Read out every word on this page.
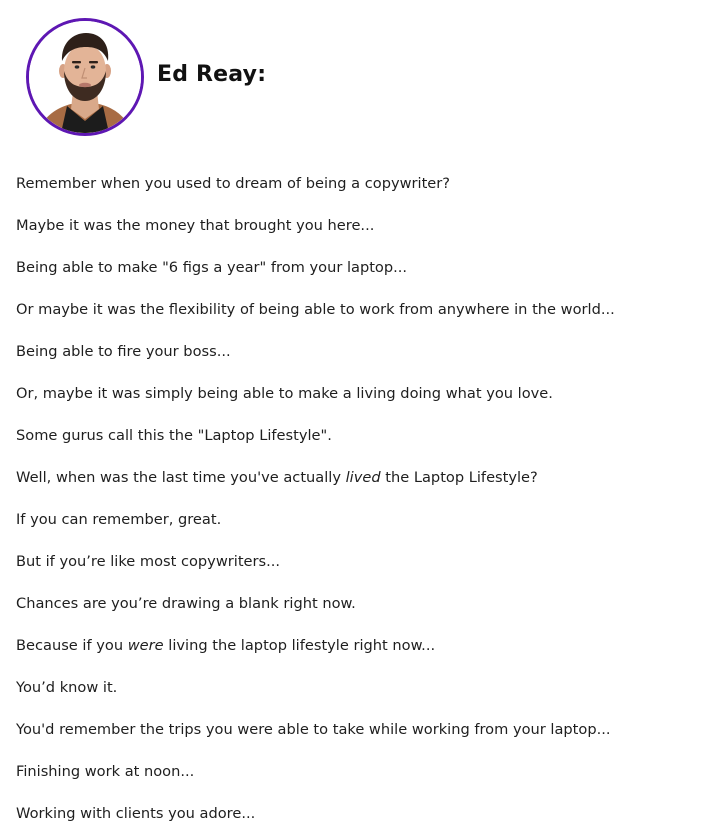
Ed Reay:
Remember when you used to dream of being a copywriter?
Maybe it was the money that brought you here...
Being able to make "6 figs a year" from your laptop...
Or maybe it was the flexibility of being able to work from anywhere in the world...
Being able to fire your boss...
Or, maybe it was simply being able to make a living doing what you love.
Some gurus call this the "Laptop Lifestyle".
Well, when was the last time you've actually lived the Laptop Lifestyle?
If you can remember, great.
But if you’re like most copywriters...
Chances are you’re drawing a blank right now.
Because if you were living the laptop lifestyle right now...
You’d know it.
You'd remember the trips you were able to take while working from your laptop...
Finishing work at noon...
Working with clients you adore...
